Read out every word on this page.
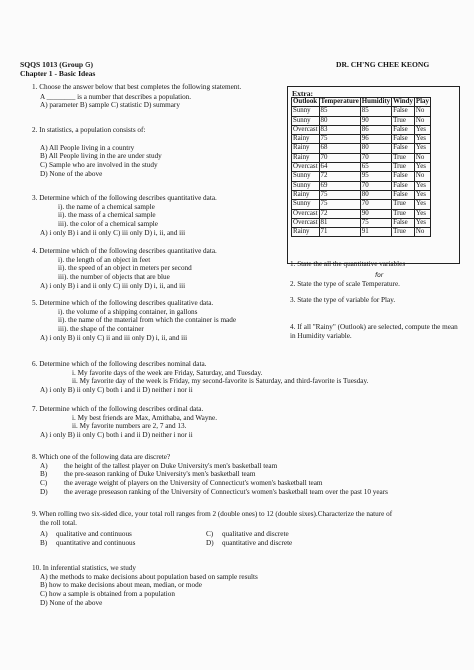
SQQS 1013 (Group G)
Chapter 1 - Basic Ideas
DR. CH'NG CHEE KEONG
1. Choose the answer below that best completes the following statement.
A ________ is a number that describes a population.
A) parameter B) sample C) statistic D) summary
2. In statistics, a population consists of:
A) All People living in a country
B) All People living in the are under study
C) Sample who are involved in the study
D) None of the above
3. Determine which of the following describes quantitative data.
i). the name of a chemical sample
ii). the mass of a chemical sample
iii). the color of a chemical sample
A) i only B) i and ii only C) iii only D) i, ii, and iii
4. Determine which of the following describes quantitative data.
i). the length of an object in feet
ii). the speed of an object in meters per second
iii). the number of objects that are blue
A) i only B) i and ii only C) iii only D) i, ii, and iii
5. Determine which of the following describes qualitative data.
i). the volume of a shipping container, in gallons
ii). the name of the material from which the container is made
iii). the shape of the container
A) i only B) ii only C) ii and iii only D) i, ii, and iii
6. Determine which of the following describes nominal data.
i. My favorite days of the week are Friday, Saturday, and Tuesday.
ii. My favorite day of the week is Friday, my second-favorite is Saturday, and third-favorite is Tuesday.
A) i only B) ii only C) both i and ii D) neither i nor ii
7. Determine which of the following describes ordinal data.
i. My best friends are Max, Amithaba, and Wayne.
ii. My favorite numbers are 2, 7 and 13.
A) i only B) ii only C) both i and ii D) neither i nor ii
8. Which one of the following data are discrete?
A)	the height of the tallest player on Duke University's men's basketball team
B)	the pre-season ranking of Duke University's men's basketball team
C)	the average weight of players on the University of Connecticut's women's basketball team
D)	the average preseason ranking of the University of Connecticut's women's basketball team over the past 10 years
9. When rolling two six-sided dice, your total roll ranges from 2 (double ones) to 12 (double sixes).Characterize the nature of
the roll total.
A)	qualitative and continuous	C)	qualitative and discrete
B)	quantitative and continuous	D)	quantitative and discrete
10. In inferential statistics, we study
A) the methods to make decisions about population based on sample results
B) how to make decisions about mean, median, or mode
C) how a sample is obtained from a population
D) None of the above
Extra:
Outlook	Temperature	Humidity	Windy	Play
Sunny	85	85	False	No
Sunny	80	90	True	No
Overcast	83	86	False	Yes
Rainy	75	96	False	Yes
Rainy	68	80	False	Yes
Rainy	70	70	True	No
Overcast	64	65	True	Yes
Sunny	72	95	False	No
Sunny	69	70	False	Yes
Rainy	75	80	False	Yes
Sunny	75	70	True	Yes
Overcast	72	90	True	Yes
Overcast	81	75	False	Yes
Rainy	71	91	True	No
1. State the all the quantitative variables
2. State the type of scale Temperature.
for
3. State the type of variable for Play.
4. If all "Rainy" (Outlook) are selected, compute the mean in Humidity variable.
